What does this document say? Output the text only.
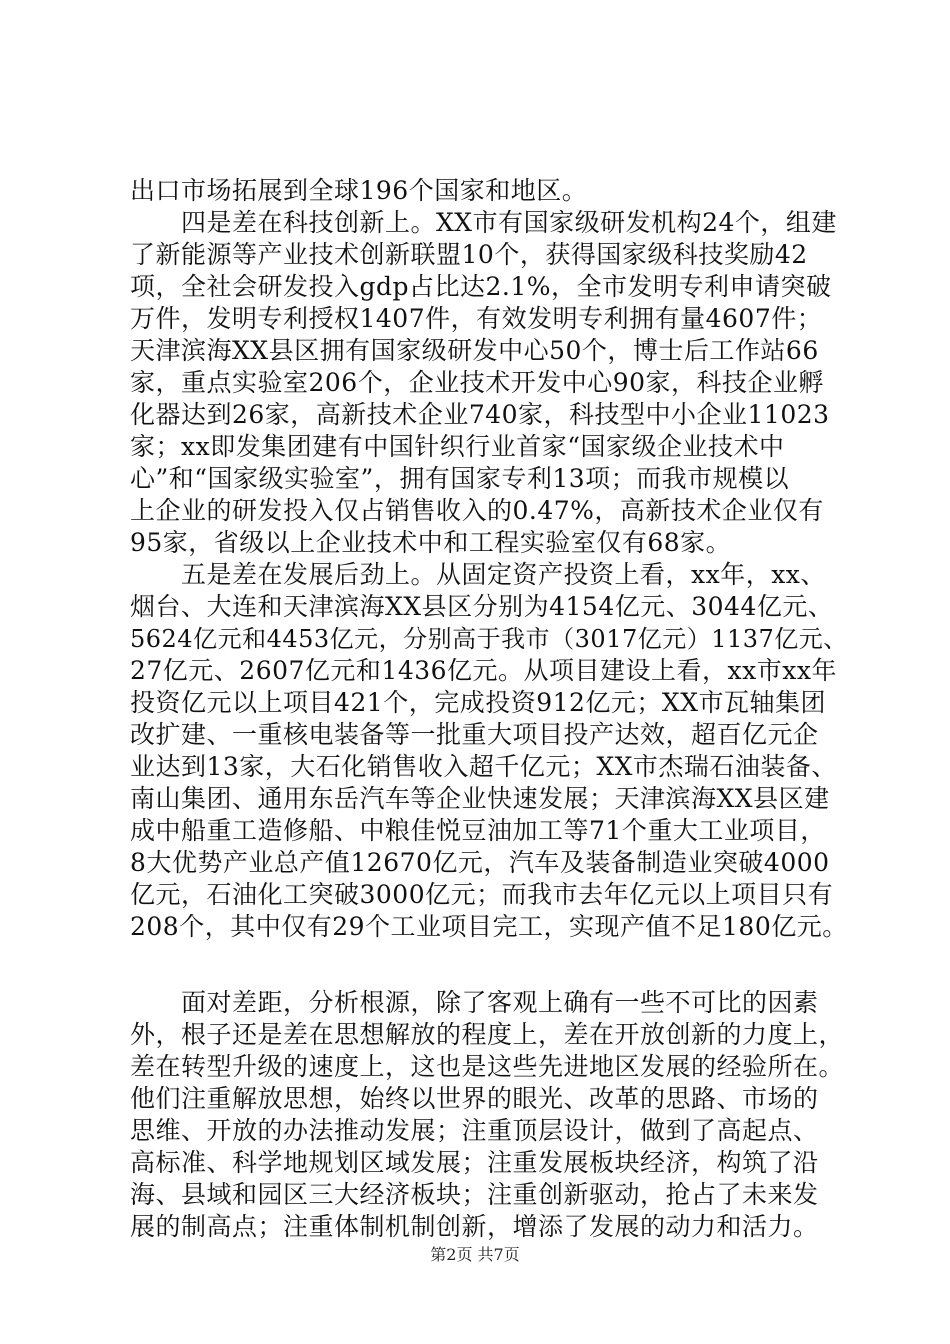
出口市场拓展到全球196个国家和地区。
　　四是差在科技创新上。XX市有国家级研发机构24个，组建
了新能源等产业技术创新联盟10个，获得国家级科技奖励42
项，全社会研发投入gdp占比达2.1%，全市发明专利申请突破
万件，发明专利授权1407件，有效发明专利拥有量4607件；
天津滨海XX县区拥有国家级研发中心50个，博士后工作站66
家，重点实验室206个，企业技术开发中心90家，科技企业孵
化器达到26家，高新技术企业740家，科技型中小企业11023
家；xx即发集团建有中国针织行业首家“国家级企业技术中
心”和“国家级实验室”，拥有国家专利13项；而我市规模以
上企业的研发投入仅占销售收入的0.47%，高新技术企业仅有
95家，省级以上企业技术中和工程实验室仅有68家。
　　五是差在发展后劲上。从固定资产投资上看，xx年，xx、
烟台、大连和天津滨海XX县区分别为4154亿元、3044亿元、
5624亿元和4453亿元，分别高于我市（3017亿元）1137亿元、
27亿元、2607亿元和1436亿元。从项目建设上看，xx市xx年
投资亿元以上项目421个，完成投资912亿元；XX市瓦轴集团
改扩建、一重核电装备等一批重大项目投产达效，超百亿元企
业达到13家，大石化销售收入超千亿元；XX市杰瑞石油装备、
南山集团、通用东岳汽车等企业快速发展；天津滨海XX县区建
成中船重工造修船、中粮佳悦豆油加工等71个重大工业项目，
8大优势产业总产值12670亿元，汽车及装备制造业突破4000
亿元，石油化工突破3000亿元；而我市去年亿元以上项目只有
208个，其中仅有29个工业项目完工，实现产值不足180亿元。
　　面对差距，分析根源，除了客观上确有一些不可比的因素
外，根子还是差在思想解放的程度上，差在开放创新的力度上，
差在转型升级的速度上，这也是这些先进地区发展的经验所在。
他们注重解放思想，始终以世界的眼光、改革的思路、市场的
思维、开放的办法推动发展；注重顶层设计，做到了高起点、
高标准、科学地规划区域发展；注重发展板块经济，构筑了沿
海、县域和园区三大经济板块；注重创新驱动，抢占了未来发
展的制高点；注重体制机制创新，增添了发展的动力和活力。
第2页 共7页
